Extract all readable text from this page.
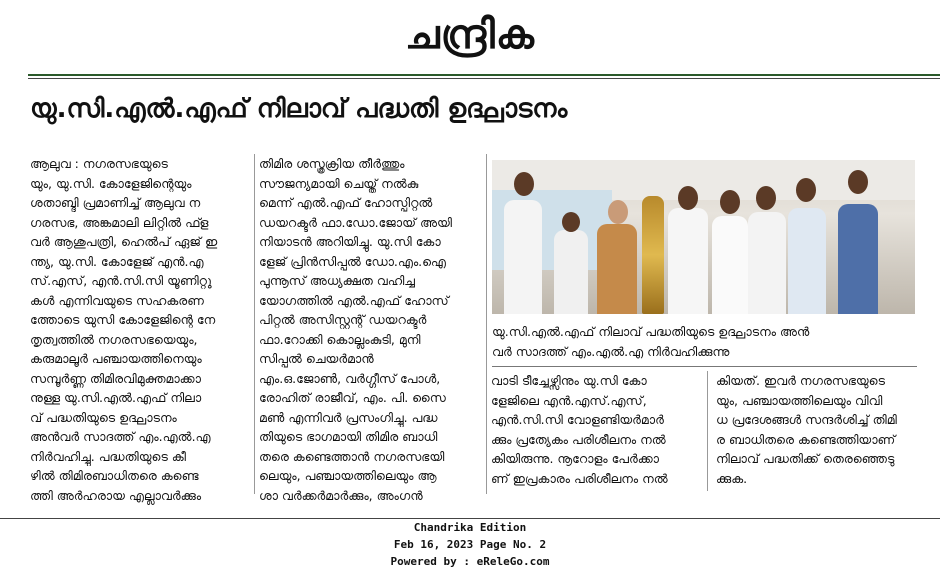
ചന്ദ്രിക
യു.സി.എൽ.എഫ് നിലാവ് പദ്ധതി ഉദ്ഘാടനം
ആലുവ : നഗരസഭയുടെ
യും, യു.സി. കോളേജിന്റെയും
ശതാബ്ദി പ്രമാണിച്ച് ആലുവ ന
ഗരസഭ, അങ്കമാലി ലിറ്റിൽ ഫ്ള
വർ ആശുപത്രി, ഹെൽപ് ഏജ് ഇ
ന്ത്യ, യു.സി. കോളേജ് എൻ.എ
സ്.എസ്, എൻ.സി.സി യൂണിറ്റു
കൾ എന്നിവയുടെ സഹകരണ
ത്തോടെ യുസി കോളേജിന്റെ നേ
തൃത്വത്തിൽ നഗരസഭയെയും,
കരുമാലൂർ പഞ്ചായത്തിനെയും
സമ്പൂർണ്ണ തിമിരവിമുക്തമാക്കാ
നുള്ള യു.സി.എൽ.എഫ് നിലാ
വ് പദ്ധതിയുടെ ഉദ്ഘാടനം
അൻവർ സാദത്ത് എം.എൽ.എ
നിർവഹിച്ചു. പദ്ധതിയുടെ കീ
ഴിൽ തിമിരബാധിതരെ കണ്ടെ
ത്തി അർഹരായ എല്ലാവർക്കും
തിമിര ശസ്ത്രക്രിയ തീർത്തും
സൗജന്യമായി ചെയ്ത് നൽകു
മെന്ന് എൽ.എഫ് ഹോസ്പിറ്റൽ
ഡയറക്ടർ ഫാ.ഡോ.ജോയ് അയി
നിയാടൻ അറിയിച്ചു. യു.സി കോ
ളേജ് പ്രിൻസിപ്പൽ ഡോ.എം.ഐ
പുന്നൂസ് അധ്യക്ഷത വഹിച്ച
യോഗത്തിൽ എൽ.എഫ് ഹോസ്
പിറ്റൽ അസിസ്റ്റന്റ് ഡയറക്ടർ
ഫാ.റോക്കി കൊല്ലംകുടി, മുനി
സിപ്പൽ ചെയർമാൻ
എം.ഒ.ജോൺ, വർഗ്ഗീസ് പോൾ,
രോഹിത് രാജീവ്, എം. പി. സൈ
മൺ എന്നിവർ പ്രസംഗിച്ചു. പദ്ധ
തിയുടെ ഭാഗമായി തിമിര ബാധി
തരെ കണ്ടെത്താൻ നഗരസഭയി
ലെയും, പഞ്ചായത്തിലെയും ആ
ശാ വർക്കർമാർക്കും, അംഗൻ
യു.സി.എൽ.എഫ് നിലാവ് പദ്ധതിയുടെ ഉദ്ഘാടനം അൻ
വർ സാദത്ത് എം.എൽ.എ നിർവഹിക്കുന്നു
വാടി ടീച്ചേഴ്സിനും യു.സി കോ
ളേജിലെ എൻ.എസ്.എസ്,
എൻ.സി.സി വോളണ്ടിയർമാർ
ക്കും പ്രത്യേകം പരിശീലനം നൽ
കിയിരുന്നു. നൂറോളം പേർക്കാ
ണ് ഇപ്രകാരം പരിശീലനം നൽ
കിയത്. ഇവർ നഗരസഭയുടെ
യും, പഞ്ചായത്തിലെയും വിവി
ധ പ്രദേശങ്ങൾ സന്ദർശിച്ച് തിമി
ര ബാധിതരെ കണ്ടെത്തിയാണ്
നിലാവ് പദ്ധതിക്ക് തെരഞ്ഞെടു
ക്കുക.
Chandrika Edition
Feb 16, 2023 Page No. 2
Powered by : eReleGo.com
